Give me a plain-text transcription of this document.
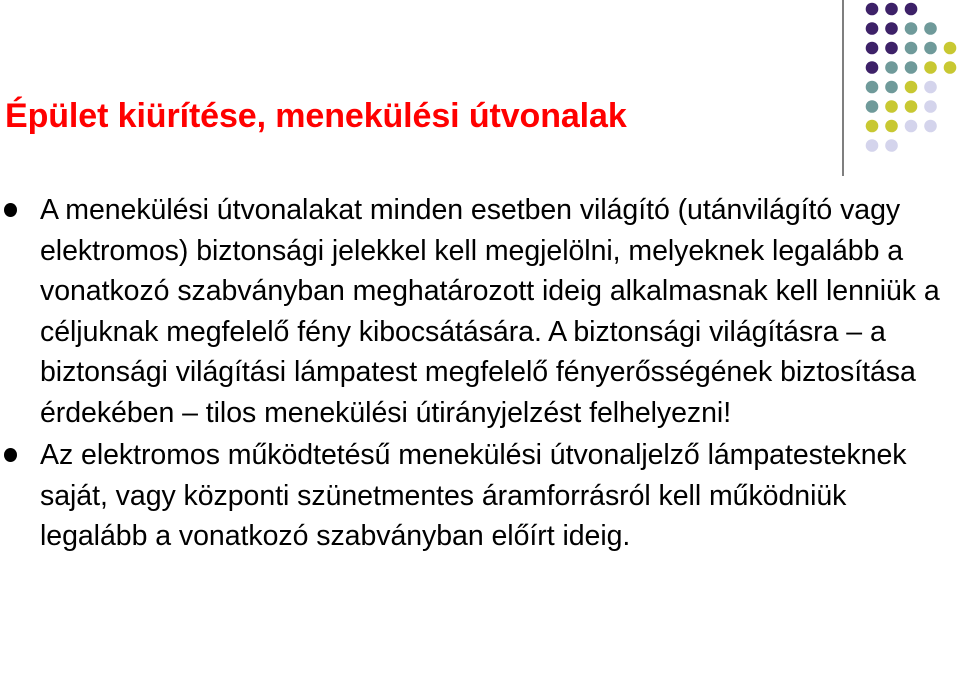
Épület kiürítése, menekülési útvonalak
A menekülési útvonalakat minden esetben világító (utánvilágító vagy elektromos) biztonsági jelekkel kell megjelölni, melyeknek legalább a vonatkozó szabványban meghatározott ideig alkalmasnak kell lenniük a céljuknak megfelelő fény kibocsátására. A biztonsági világításra – a biztonsági világítási lámpatest megfelelő fényerősségének biztosítása érdekében – tilos menekülési útirányjelzést felhelyezni!
Az elektromos működtetésű menekülési útvonaljelző lámpatesteknek saját, vagy központi szünetmentes áramforrásról kell működniük legalább a vonatkozó szabványban előírt ideig.
